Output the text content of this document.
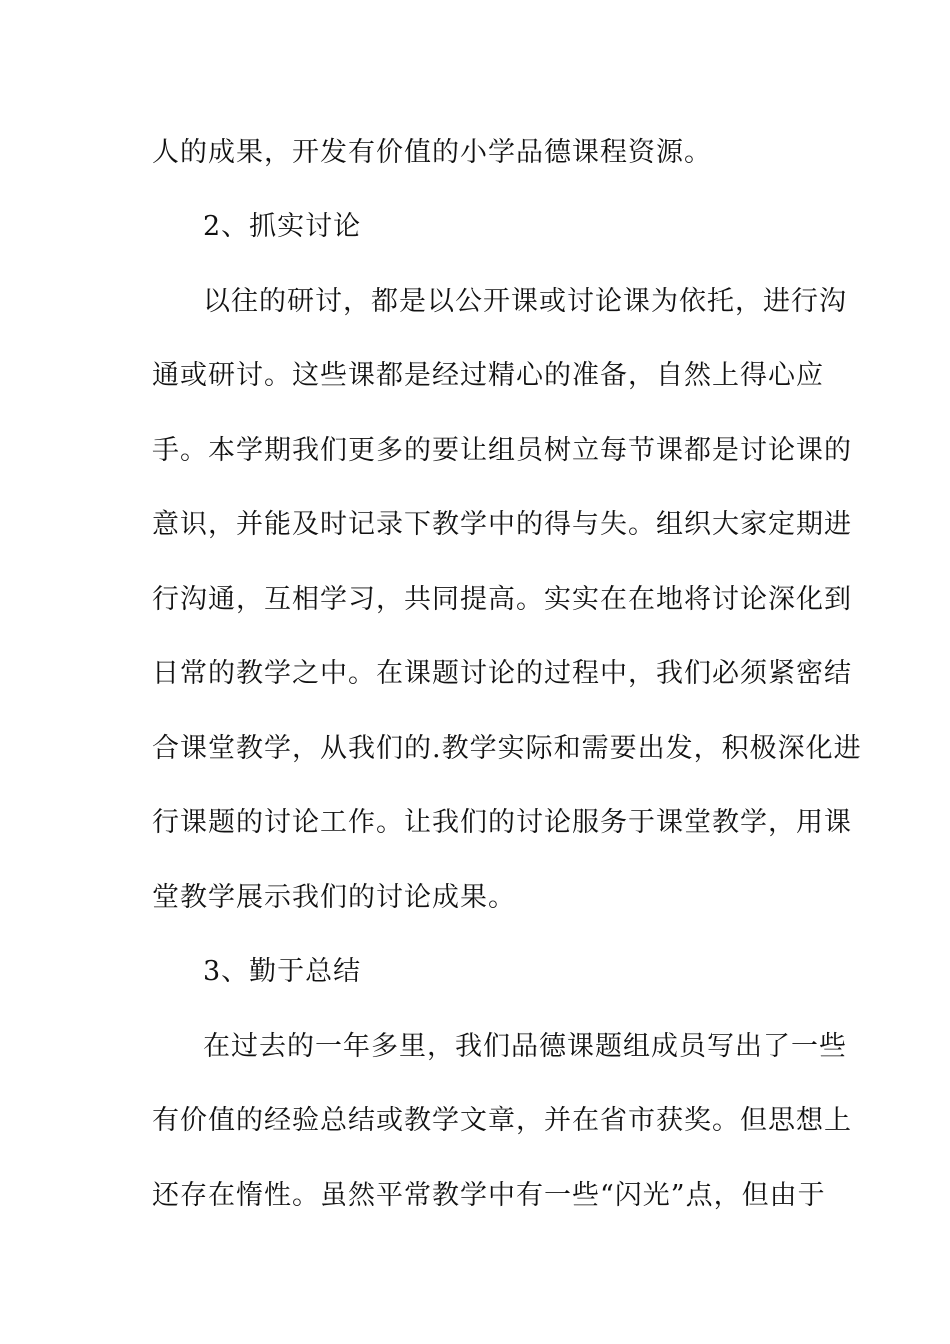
人的成果，开发有价值的小学品德课程资源。
2、抓实讨论
以往的研讨，都是以公开课或讨论课为依托，进行沟
通或研讨。这些课都是经过精心的准备，自然上得心应
手。本学期我们更多的要让组员树立每节课都是讨论课的
意识，并能及时记录下教学中的得与失。组织大家定期进
行沟通，互相学习，共同提高。实实在在地将讨论深化到
日常的教学之中。在课题讨论的过程中，我们必须紧密结
合课堂教学，从我们的.教学实际和需要出发，积极深化进
行课题的讨论工作。让我们的讨论服务于课堂教学，用课
堂教学展示我们的讨论成果。
3、勤于总结
在过去的一年多里，我们品德课题组成员写出了一些
有价值的经验总结或教学文章，并在省市获奖。但思想上
还存在惰性。虽然平常教学中有一些“闪光”点，但由于
